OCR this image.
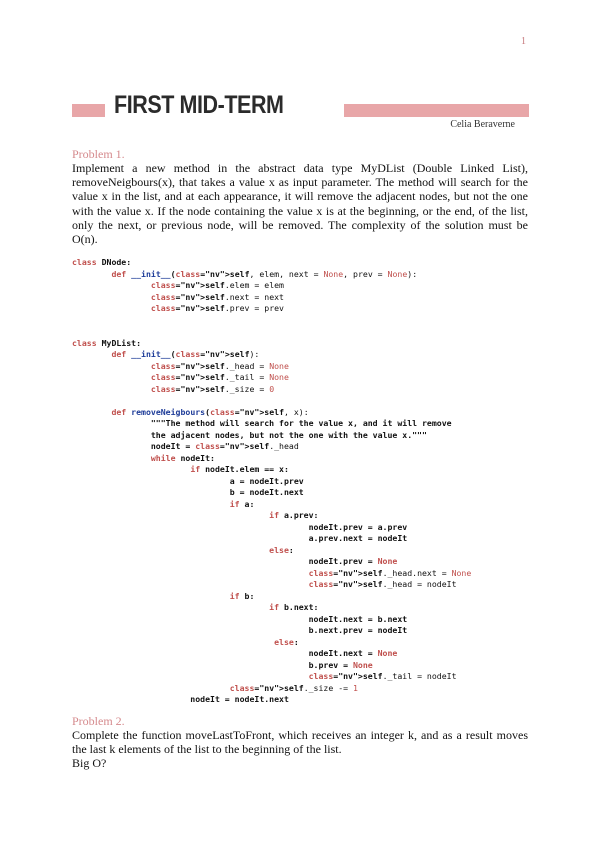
1
FIRST MID-TERM
Celia Beraverne
Problem 1.
Implement a new method in the abstract data type MyDList (Double Linked List), removeNeigbours(x), that takes a value x as input parameter. The method will search for the value x in the list, and at each appearance, it will remove the adjacent nodes, but not the one with the value x. If the node containing the value x is at the beginning, or the end, of the list, only the next, or previous node, will be removed. The complexity of the solution must be O(n).
class DNode:
def __init__(class="nv">self, elem, next = None, prev = None):
class="nv">self.elem = elem
class="nv">self.next = next
class="nv">self.prev = prev
class MyDList:
def __init__(class="nv">self):
class="nv">self._head = None
class="nv">self._tail = None
class="nv">self._size = 0
def removeNeigbours(class="nv">self, x):
"""The method will search for the value x, and it will remove
the adjacent nodes, but not the one with the value x."""
nodeIt = class="nv">self._head
while nodeIt:
if nodeIt.elem == x:
a = nodeIt.prev
b = nodeIt.next
if a:
if a.prev:
nodeIt.prev = a.prev
a.prev.next = nodeIt
else:
nodeIt.prev = None
class="nv">self._head.next = None
class="nv">self._head = nodeIt
if b:
if b.next:
nodeIt.next = b.next
b.next.prev = nodeIt
else:
nodeIt.next = None
b.prev = None
class="nv">self._tail = nodeIt
class="nv">self._size -= 1
nodeIt = nodeIt.next
Problem 2.

Complete the function moveLastToFront, which receives an integer k, and as a result moves the last k elements of the list to the beginning of the list.

Big O?
